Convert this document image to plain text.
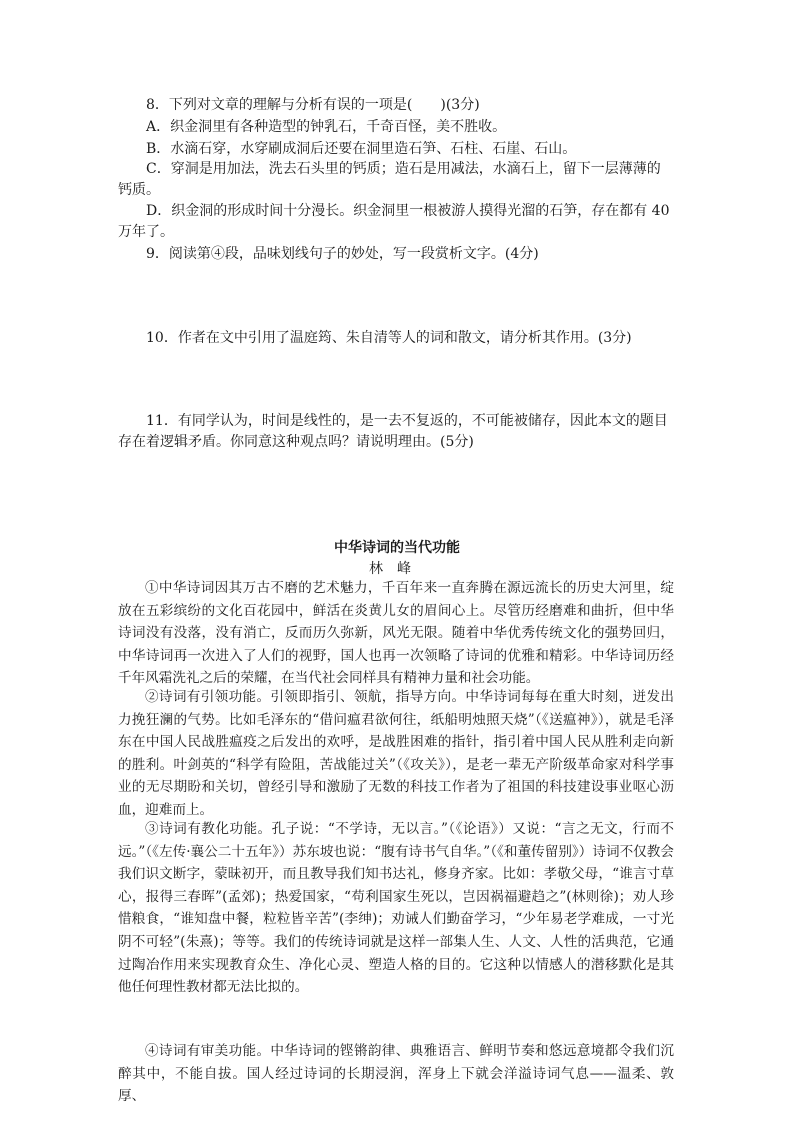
8．下列对文章的理解与分析有误的一项是(　　)(3分)
A．织金洞里有各种造型的钟乳石，千奇百怪，美不胜收。
B．水滴石穿，水穿刷成洞后还要在洞里造石笋、石柱、石崖、石山。
C．穿洞是用加法，洗去石头里的钙质；造石是用减法，水滴石上，留下一层薄薄的钙质。
D．织金洞的形成时间十分漫长。织金洞里一根被游人摸得光溜的石笋，存在都有 40 万年了。
9．阅读第④段，品味划线句子的妙处，写一段赏析文字。(4分)
10．作者在文中引用了温庭筠、朱自清等人的词和散文，请分析其作用。(3分)
11．有同学认为，时间是线性的，是一去不复返的，不可能被储存，因此本文的题目存在着逻辑矛盾。你同意这种观点吗？请说明理由。(5分)
中华诗词的当代功能
林峰
①中华诗词因其万古不磨的艺术魅力，千百年来一直奔腾在源远流长的历史大河里，绽放在五彩缤纷的文化百花园中，鲜活在炎黄儿女的眉间心上。尽管历经磨难和曲折，但中华诗词没有没落，没有消亡，反而历久弥新，风光无限。随着中华优秀传统文化的强势回归，中华诗词再一次进入了人们的视野，国人也再一次领略了诗词的优雅和精彩。中华诗词历经千年风霜洗礼之后的荣耀，在当代社会同样具有精神力量和社会功能。
②诗词有引领功能。引领即指引、领航，指导方向。中华诗词每每在重大时刻，迸发出力挽狂澜的气势。比如毛泽东的“借问瘟君欲何往，纸船明烛照天烧”（《送瘟神》），就是毛泽东在中国人民战胜瘟疫之后发出的欢呼，是战胜困难的指针，指引着中国人民从胜利走向新的胜利。叶剑英的“科学有险阻，苦战能过关”（《攻关》），是老一辈无产阶级革命家对科学事业的无尽期盼和关切，曾经引导和激励了无数的科技工作者为了祖国的科技建设事业呕心沥血，迎难而上。
③诗词有教化功能。孔子说：“不学诗，无以言。”（《论语》）又说：“言之无文，行而不远。”（《左传·襄公二十五年》）苏东坡也说：“腹有诗书气自华。”（《和董传留别》）诗词不仅教会我们识文断字，蒙昧初开，而且教导我们知书达礼，修身齐家。比如：孝敬父母，“谁言寸草心，报得三春晖”(孟郊)；热爱国家，“苟利国家生死以，岂因祸福避趋之”(林则徐)；劝人珍惜粮食，“谁知盘中餐，粒粒皆辛苦”(李绅)；劝诫人们勤奋学习，“少年易老学难成，一寸光阴不可轻”(朱熹)；等等。我们的传统诗词就是这样一部集人生、人文、人性的活典范，它通过陶冶作用来实现教育众生、净化心灵、塑造人格的目的。它这种以情感人的潜移默化是其他任何理性教材都无法比拟的。
④诗词有审美功能。中华诗词的铿锵韵律、典雅语言、鲜明节奏和悠远意境都令我们沉醉其中，不能自拔。国人经过诗词的长期浸润，浑身上下就会洋溢诗词气息——温柔、敦厚、
